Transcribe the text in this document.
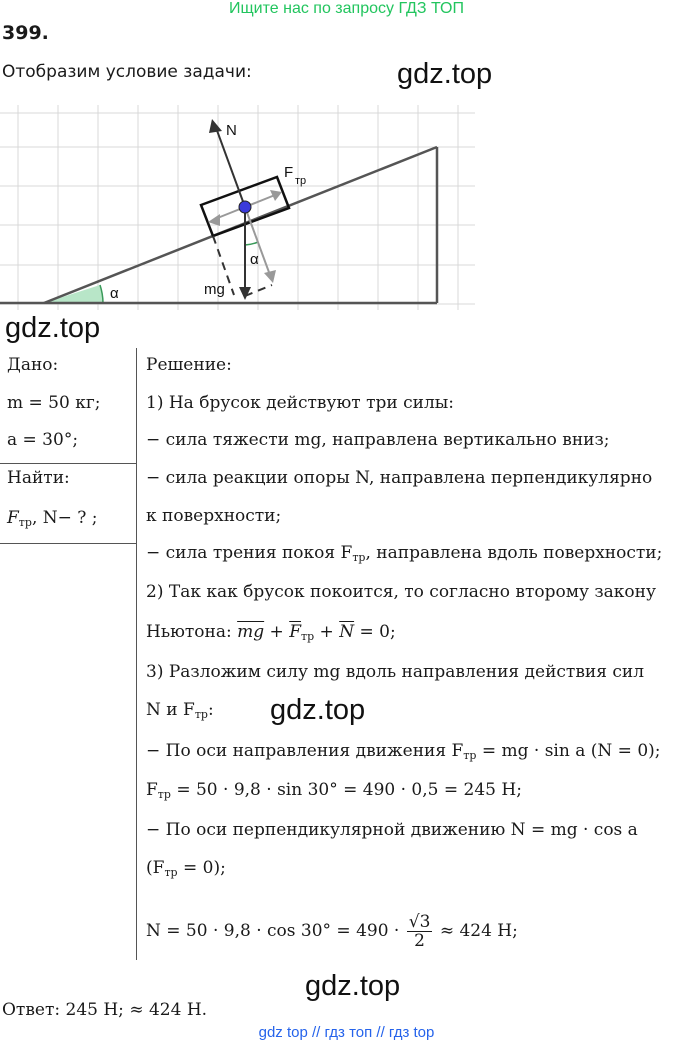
Ищите нас по запросу ГДЗ ТОП
399.
Отобразим условие задачи:	gdz.top
N
F тр
mg
α
α
gdz.top
Дано:
m = 50 кг;
a = 30°;
Найти:
$F_{тр}$, N− ? ;
Решение:
1) На брусок действуют три силы:
− сила тяжести mg, направлена вертикально вниз;
− сила реакции опоры N, направлена перпендикулярно
к поверхности;
− сила трения покоя $F_{тр}$, направлена вдоль поверхности;
2) Так как брусок покоится, то согласно второму закону
Ньютона: $\overline{mg} + \overline{F}_{тр} + \overline{N} = 0$;
3) Разложим силу mg вдоль направления действия сил
N и $F_{тр}$: gdz.top
− По оси направления движения $F_{тр}$ = mg · sin a (N = 0);
$F_{тр} = 50 \cdot 9,8 \cdot \sin 30^\circ = 490 \cdot 0,5 = 245$ Н;
− По оси перпендикулярной движению N = mg · cos a
$(F_{тр} = 0)$;
$N = 50 \cdot 9,8 \cdot \cos 30^\circ = 490 \cdot \frac{√3}{2} \approx 424$ Н;
gdz.top
Ответ: 245 Н; ≈ 424 Н.
gdz top // гдз топ // гдз top
